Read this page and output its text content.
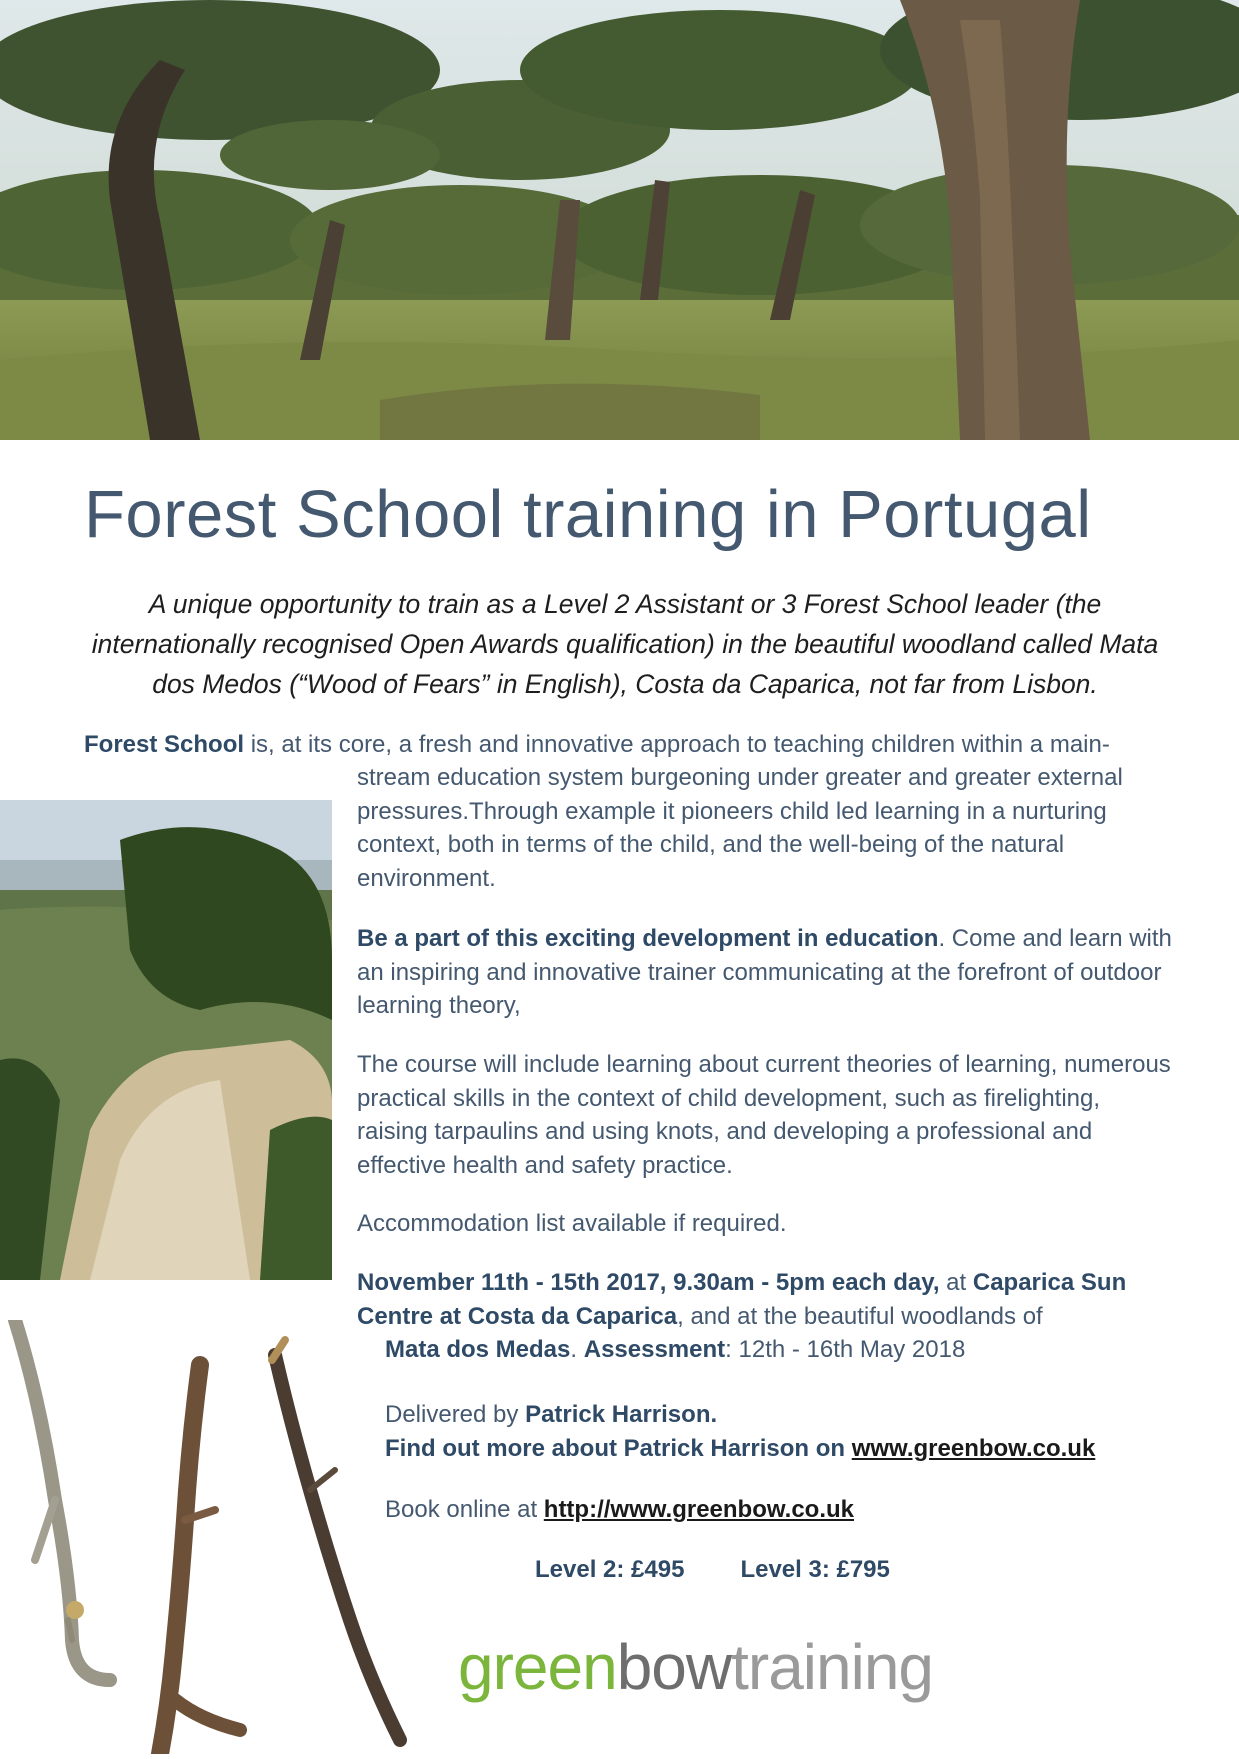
Forest School training in Portugal

A unique opportunity to train as a Level 2 Assistant or 3 Forest School leader (the internationally recognised Open Awards qualification) in the beautiful woodland called Mata dos Medos (“Wood of Fears” in English), Costa da Caparica, not far from Lisbon.

Forest School is, at its core, a fresh and innovative approach to teaching children within a main-

stream education system burgeoning under greater and greater external pressures.Through example it pioneers child led learning in a nurturing context, both in terms of the child, and the well-being of the natural environment.

Be a part of this exciting development in education. Come and learn with an inspiring and innovative trainer communicating at the forefront of outdoor learning theory,

The course will include learning about current theories of learning, numerous practical skills in the context of child development, such as firelighting, raising tarpaulins and using knots, and developing a professional and effective health and safety practice.

Accommodation list available if required.

November 11th - 15th 2017, 9.30am - 5pm each day, at Caparica Sun Centre at Costa da Caparica, and at the beautiful woodlands of
Mata dos Medas. Assessment: 12th - 16th May 2018

Delivered by Patrick Harrison.
Find out more about Patrick Harrison on www.greenbow.co.uk

Book online at http://www.greenbow.co.uk

Level 2: £495 Level 3: £795

greenbowtraining
